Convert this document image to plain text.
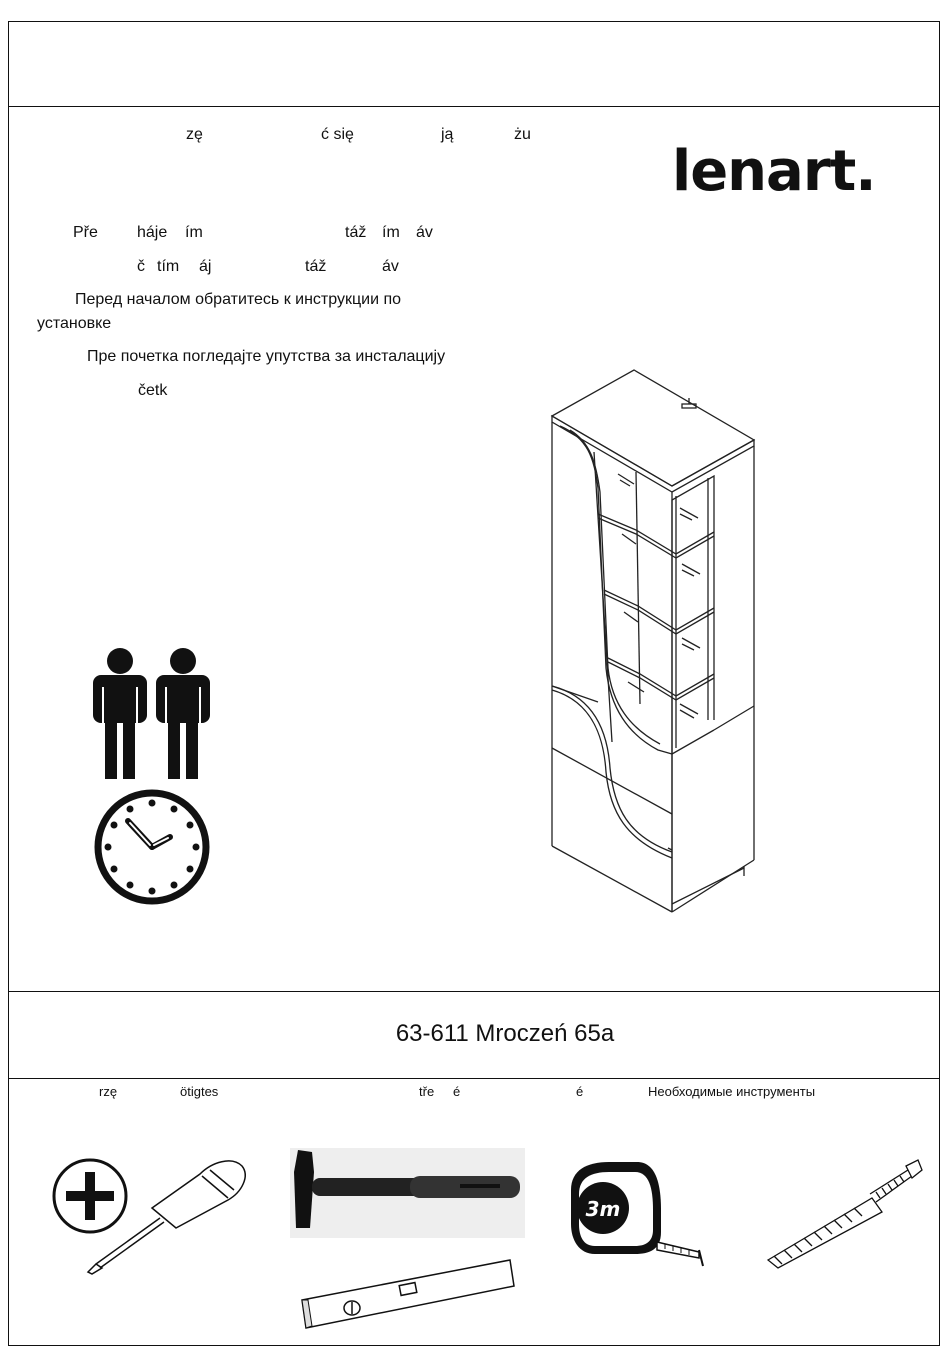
lenart.
zę	ć się	ją	żu
Pře háje ím	táž ím áv
č tím áj	táž	áv
Перед началом обратитесь к инструкции по
установке
Пре почетка погледајте упутства за инсталацију
četk
63-611 Mroczeń 65a
rzę	ötigtes	tře é	é	Необходимые инструменты
3m
